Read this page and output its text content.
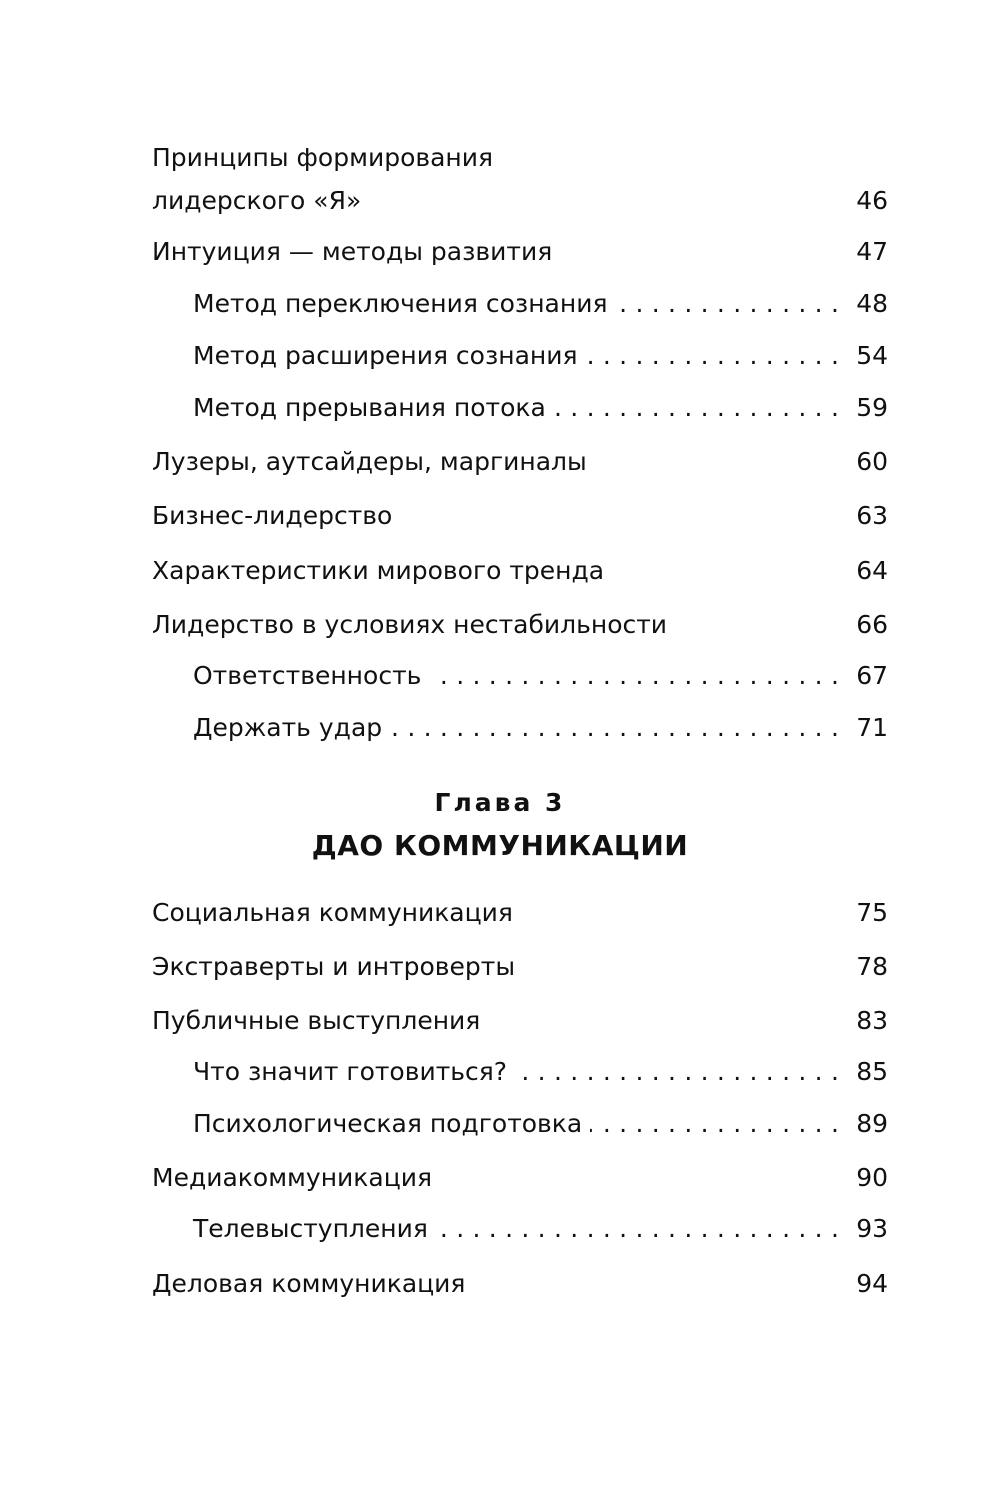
Принципы формирования
лидерского «Я»	46
Интуиция — методы развития	47
. . .
Метод переключения сознания	48
. . .
Метод расширения сознания	54
. . .
Метод прерывания потока	59
Лузеры, аутсайдеры, маргиналы	60
Бизнес-лидерство	63
Характеристики мирового тренда	64
Лидерство в условиях нестабильности	66
. . .
Ответственность	67
. . .
Держать удар	71
Глава 3
ДАО КОММУНИКАЦИИ
Социальная коммуникация	75
Экстраверты и интроверты	78
Публичные выступления	83
. . .
Что значит готовиться?	85
. . .
Психологическая подготовка	89
Медиакоммуникация	90
. . .
Телевыступления	93
Деловая коммуникация	94
